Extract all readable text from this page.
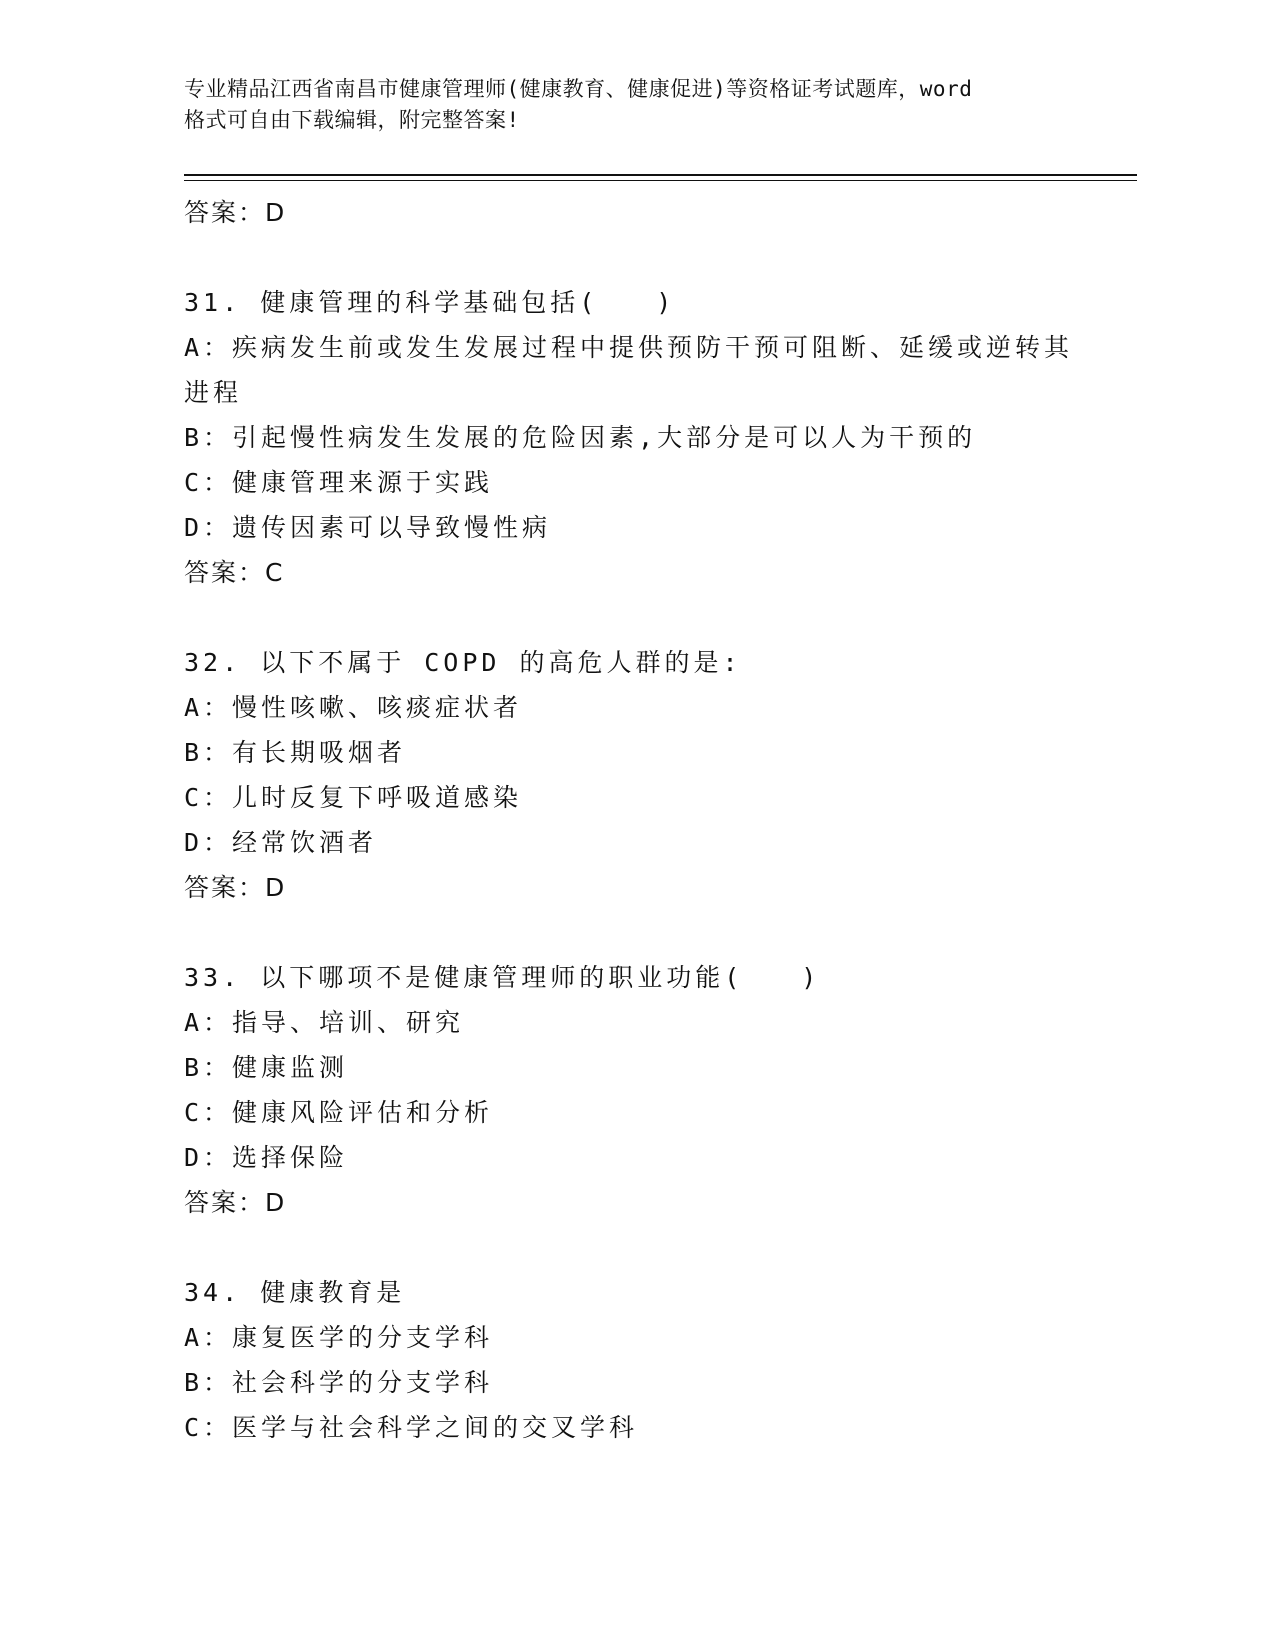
专业精品江西省南昌市健康管理师(健康教育、健康促进)等资格证考试题库，word
格式可自由下载编辑，附完整答案!
答案：D
31. 健康管理的科学基础包括(　　)
A：疾病发生前或发生发展过程中提供预防干预可阻断、延缓或逆转其
进程
B：引起慢性病发生发展的危险因素,大部分是可以人为干预的
C：健康管理来源于实践
D：遗传因素可以导致慢性病
答案：C
32. 以下不属于 COPD 的高危人群的是:
A：慢性咳嗽、咳痰症状者
B：有长期吸烟者
C：儿时反复下呼吸道感染
D：经常饮酒者
答案：D
33. 以下哪项不是健康管理师的职业功能(　　)
A：指导、培训、研究
B：健康监测
C：健康风险评估和分析
D：选择保险
答案：D
34. 健康教育是
A：康复医学的分支学科
B：社会科学的分支学科
C：医学与社会科学之间的交叉学科
